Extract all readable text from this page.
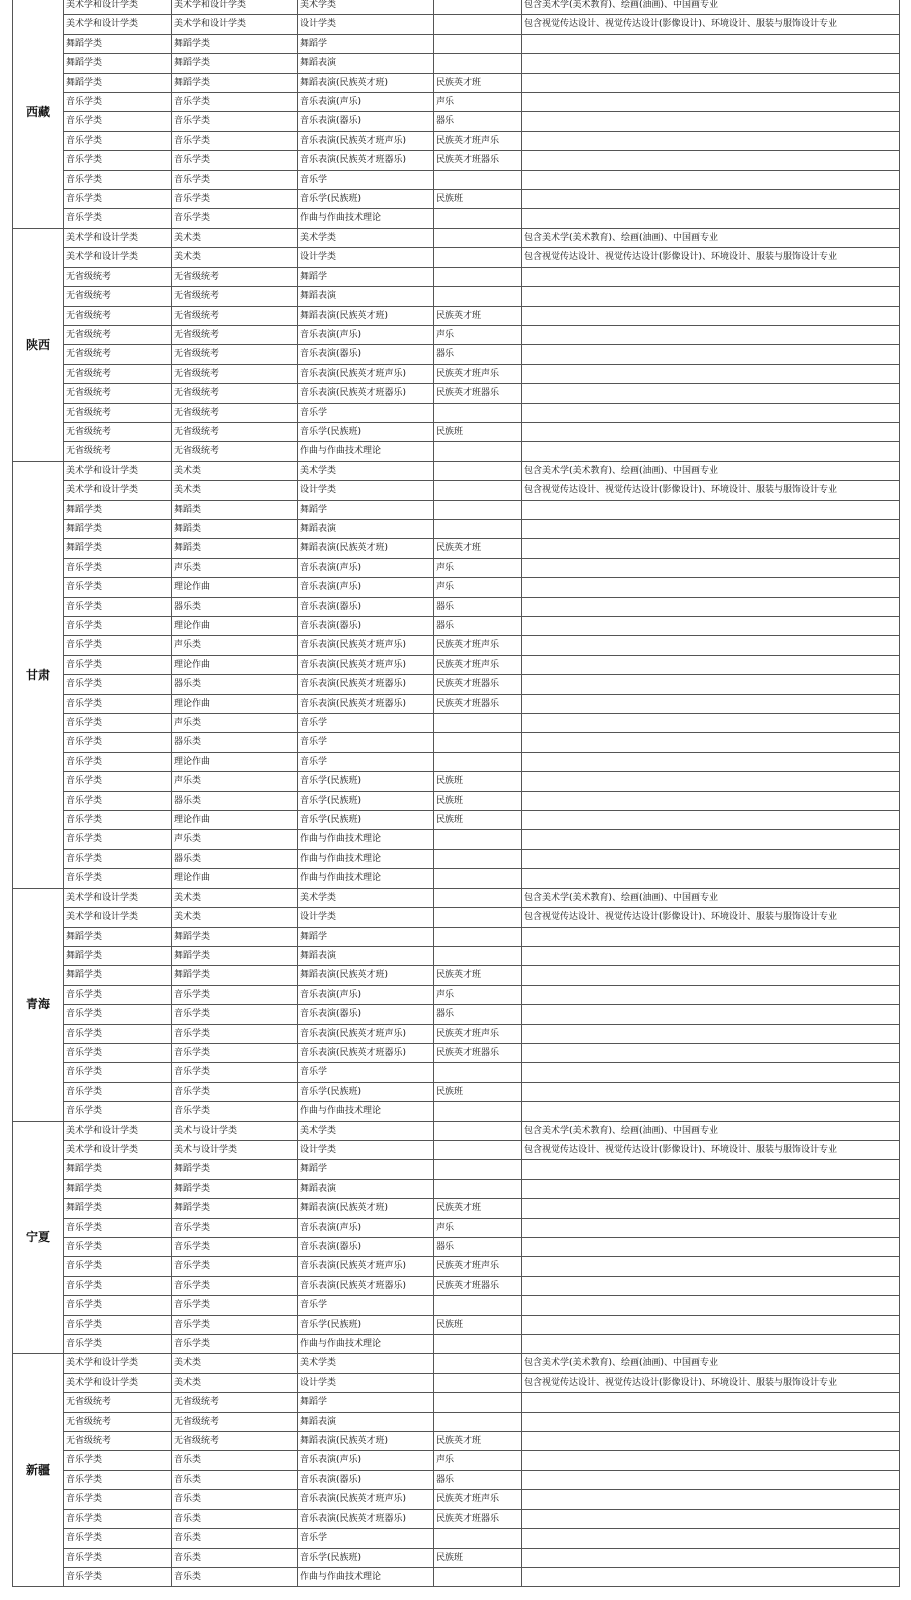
西藏	美术学和设计学类	美术学和设计学类	美术学类		包含美术学(美术教育)、绘画(油画)、中国画专业
	美术学和设计学类	美术学和设计学类	设计学类		包含视觉传达设计、视觉传达设计(影像设计)、环境设计、服装与服饰设计专业
	舞蹈学类	舞蹈学类	舞蹈学		
	舞蹈学类	舞蹈学类	舞蹈表演		
	舞蹈学类	舞蹈学类	舞蹈表演(民族英才班)	民族英才班	
	音乐学类	音乐学类	音乐表演(声乐)	声乐	
	音乐学类	音乐学类	音乐表演(器乐)	器乐	
	音乐学类	音乐学类	音乐表演(民族英才班声乐)	民族英才班声乐	
	音乐学类	音乐学类	音乐表演(民族英才班器乐)	民族英才班器乐	
	音乐学类	音乐学类	音乐学		
	音乐学类	音乐学类	音乐学(民族班)	民族班	
	音乐学类	音乐学类	作曲与作曲技术理论		
陕西	美术学和设计学类	美术类	美术学类		包含美术学(美术教育)、绘画(油画)、中国画专业
	美术学和设计学类	美术类	设计学类		包含视觉传达设计、视觉传达设计(影像设计)、环境设计、服装与服饰设计专业
	无省级统考	无省级统考	舞蹈学		
	无省级统考	无省级统考	舞蹈表演		
	无省级统考	无省级统考	舞蹈表演(民族英才班)	民族英才班	
	无省级统考	无省级统考	音乐表演(声乐)	声乐	
	无省级统考	无省级统考	音乐表演(器乐)	器乐	
	无省级统考	无省级统考	音乐表演(民族英才班声乐)	民族英才班声乐	
	无省级统考	无省级统考	音乐表演(民族英才班器乐)	民族英才班器乐	
	无省级统考	无省级统考	音乐学		
	无省级统考	无省级统考	音乐学(民族班)	民族班	
	无省级统考	无省级统考	作曲与作曲技术理论		
甘肃	美术学和设计学类	美术类	美术学类		包含美术学(美术教育)、绘画(油画)、中国画专业
	美术学和设计学类	美术类	设计学类		包含视觉传达设计、视觉传达设计(影像设计)、环境设计、服装与服饰设计专业
	舞蹈学类	舞蹈类	舞蹈学		
	舞蹈学类	舞蹈类	舞蹈表演		
	舞蹈学类	舞蹈类	舞蹈表演(民族英才班)	民族英才班	
	音乐学类	声乐类	音乐表演(声乐)	声乐	
	音乐学类	理论作曲	音乐表演(声乐)	声乐	
	音乐学类	器乐类	音乐表演(器乐)	器乐	
	音乐学类	理论作曲	音乐表演(器乐)	器乐	
	音乐学类	声乐类	音乐表演(民族英才班声乐)	民族英才班声乐	
	音乐学类	理论作曲	音乐表演(民族英才班声乐)	民族英才班声乐	
	音乐学类	器乐类	音乐表演(民族英才班器乐)	民族英才班器乐	
	音乐学类	理论作曲	音乐表演(民族英才班器乐)	民族英才班器乐	
	音乐学类	声乐类	音乐学		
	音乐学类	器乐类	音乐学		
	音乐学类	理论作曲	音乐学		
	音乐学类	声乐类	音乐学(民族班)	民族班	
	音乐学类	器乐类	音乐学(民族班)	民族班	
	音乐学类	理论作曲	音乐学(民族班)	民族班	
	音乐学类	声乐类	作曲与作曲技术理论		
	音乐学类	器乐类	作曲与作曲技术理论		
	音乐学类	理论作曲	作曲与作曲技术理论		
青海	美术学和设计学类	美术类	美术学类		包含美术学(美术教育)、绘画(油画)、中国画专业
	美术学和设计学类	美术类	设计学类		包含视觉传达设计、视觉传达设计(影像设计)、环境设计、服装与服饰设计专业
	舞蹈学类	舞蹈学类	舞蹈学		
	舞蹈学类	舞蹈学类	舞蹈表演		
	舞蹈学类	舞蹈学类	舞蹈表演(民族英才班)	民族英才班	
	音乐学类	音乐学类	音乐表演(声乐)	声乐	
	音乐学类	音乐学类	音乐表演(器乐)	器乐	
	音乐学类	音乐学类	音乐表演(民族英才班声乐)	民族英才班声乐	
	音乐学类	音乐学类	音乐表演(民族英才班器乐)	民族英才班器乐	
	音乐学类	音乐学类	音乐学		
	音乐学类	音乐学类	音乐学(民族班)	民族班	
	音乐学类	音乐学类	作曲与作曲技术理论		
宁夏	美术学和设计学类	美术与设计学类	美术学类		包含美术学(美术教育)、绘画(油画)、中国画专业
	美术学和设计学类	美术与设计学类	设计学类		包含视觉传达设计、视觉传达设计(影像设计)、环境设计、服装与服饰设计专业
	舞蹈学类	舞蹈学类	舞蹈学		
	舞蹈学类	舞蹈学类	舞蹈表演		
	舞蹈学类	舞蹈学类	舞蹈表演(民族英才班)	民族英才班	
	音乐学类	音乐学类	音乐表演(声乐)	声乐	
	音乐学类	音乐学类	音乐表演(器乐)	器乐	
	音乐学类	音乐学类	音乐表演(民族英才班声乐)	民族英才班声乐	
	音乐学类	音乐学类	音乐表演(民族英才班器乐)	民族英才班器乐	
	音乐学类	音乐学类	音乐学		
	音乐学类	音乐学类	音乐学(民族班)	民族班	
	音乐学类	音乐学类	作曲与作曲技术理论		
新疆	美术学和设计学类	美术类	美术学类		包含美术学(美术教育)、绘画(油画)、中国画专业
	美术学和设计学类	美术类	设计学类		包含视觉传达设计、视觉传达设计(影像设计)、环境设计、服装与服饰设计专业
	无省级统考	无省级统考	舞蹈学		
	无省级统考	无省级统考	舞蹈表演		
	无省级统考	无省级统考	舞蹈表演(民族英才班)	民族英才班	
	音乐学类	音乐类	音乐表演(声乐)	声乐	
	音乐学类	音乐类	音乐表演(器乐)	器乐	
	音乐学类	音乐类	音乐表演(民族英才班声乐)	民族英才班声乐	
	音乐学类	音乐类	音乐表演(民族英才班器乐)	民族英才班器乐	
	音乐学类	音乐类	音乐学		
	音乐学类	音乐类	音乐学(民族班)	民族班	
	音乐学类	音乐类	作曲与作曲技术理论		
